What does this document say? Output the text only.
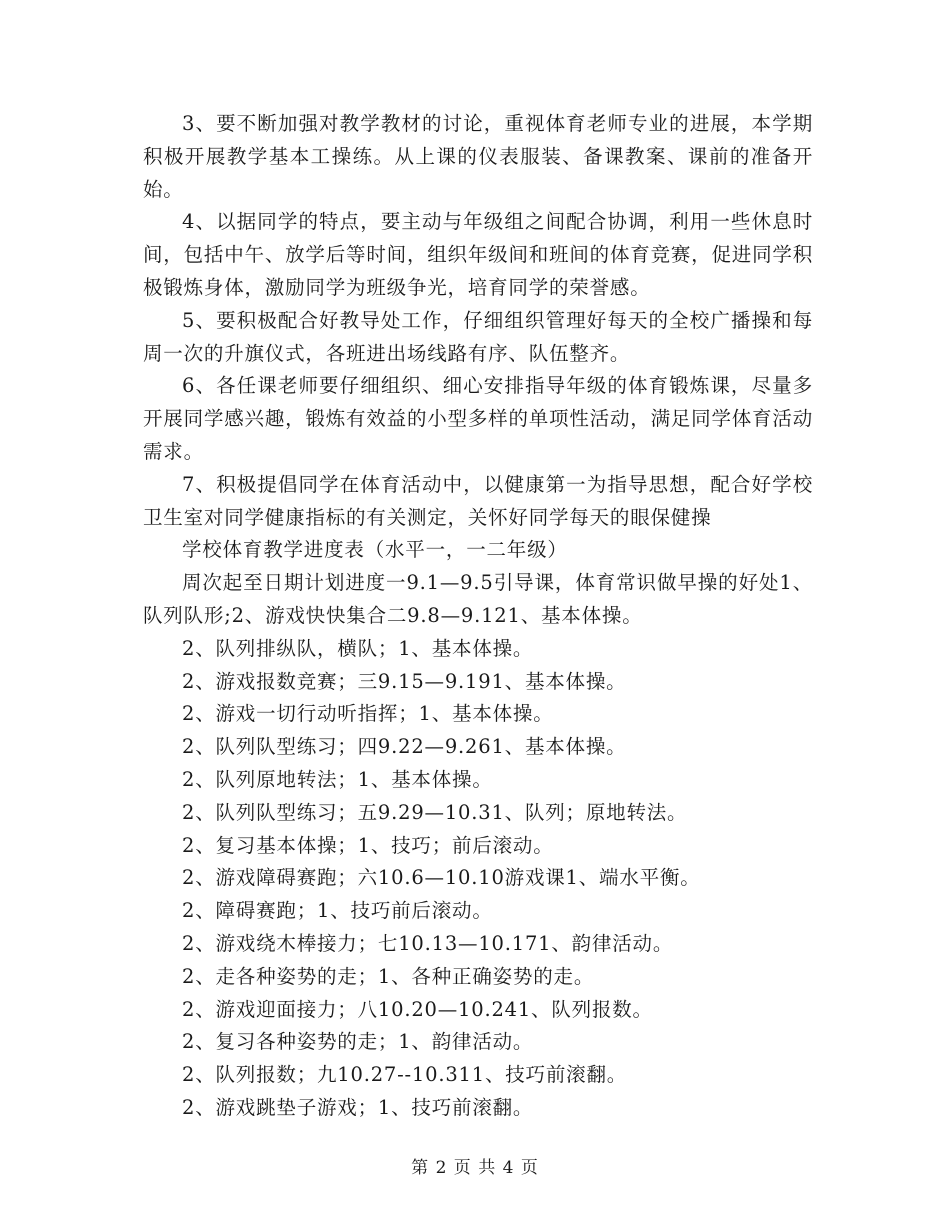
3、要不断加强对教学教材的讨论，重视体育老师专业的进展，本学期积极开展教学基本工操练。从上课的仪表服装、备课教案、课前的准备开始。

4、以据同学的特点，要主动与年级组之间配合协调，利用一些休息时间，包括中午、放学后等时间，组织年级间和班间的体育竞赛，促进同学积极锻炼身体，激励同学为班级争光，培育同学的荣誉感。

5、要积极配合好教导处工作，仔细组织管理好每天的全校广播操和每周一次的升旗仪式，各班进出场线路有序、队伍整齐。

6、各任课老师要仔细组织、细心安排指导年级的体育锻炼课，尽量多开展同学感兴趣，锻炼有效益的小型多样的单项性活动，满足同学体育活动需求。

7、积极提倡同学在体育活动中，以健康第一为指导思想，配合好学校卫生室对同学健康指标的有关测定，关怀好同学每天的眼保健操

学校体育教学进度表（水平一，一二年级）

周次起至日期计划进度一9.1—9.5引导课，体育常识做早操的好处1、队列队形;2、游戏快快集合二9.8—9.121、基本体操。

2、队列排纵队，横队；1、基本体操。

2、游戏报数竞赛；三9.15—9.191、基本体操。

2、游戏一切行动听指挥；1、基本体操。

2、队列队型练习；四9.22—9.261、基本体操。

2、队列原地转法；1、基本体操。

2、队列队型练习；五9.29—10.31、队列；原地转法。

2、复习基本体操；1、技巧；前后滚动。

2、游戏障碍赛跑；六10.6—10.10游戏课1、端水平衡。

2、障碍赛跑；1、技巧前后滚动。

2、游戏绕木棒接力；七10.13—10.171、韵律活动。

2、走各种姿势的走；1、各种正确姿势的走。

2、游戏迎面接力；八10.20—10.241、队列报数。

2、复习各种姿势的走；1、韵律活动。

2、队列报数；九10.27--10.311、技巧前滚翻。

2、游戏跳垫子游戏；1、技巧前滚翻。

第 2 页 共 4 页
